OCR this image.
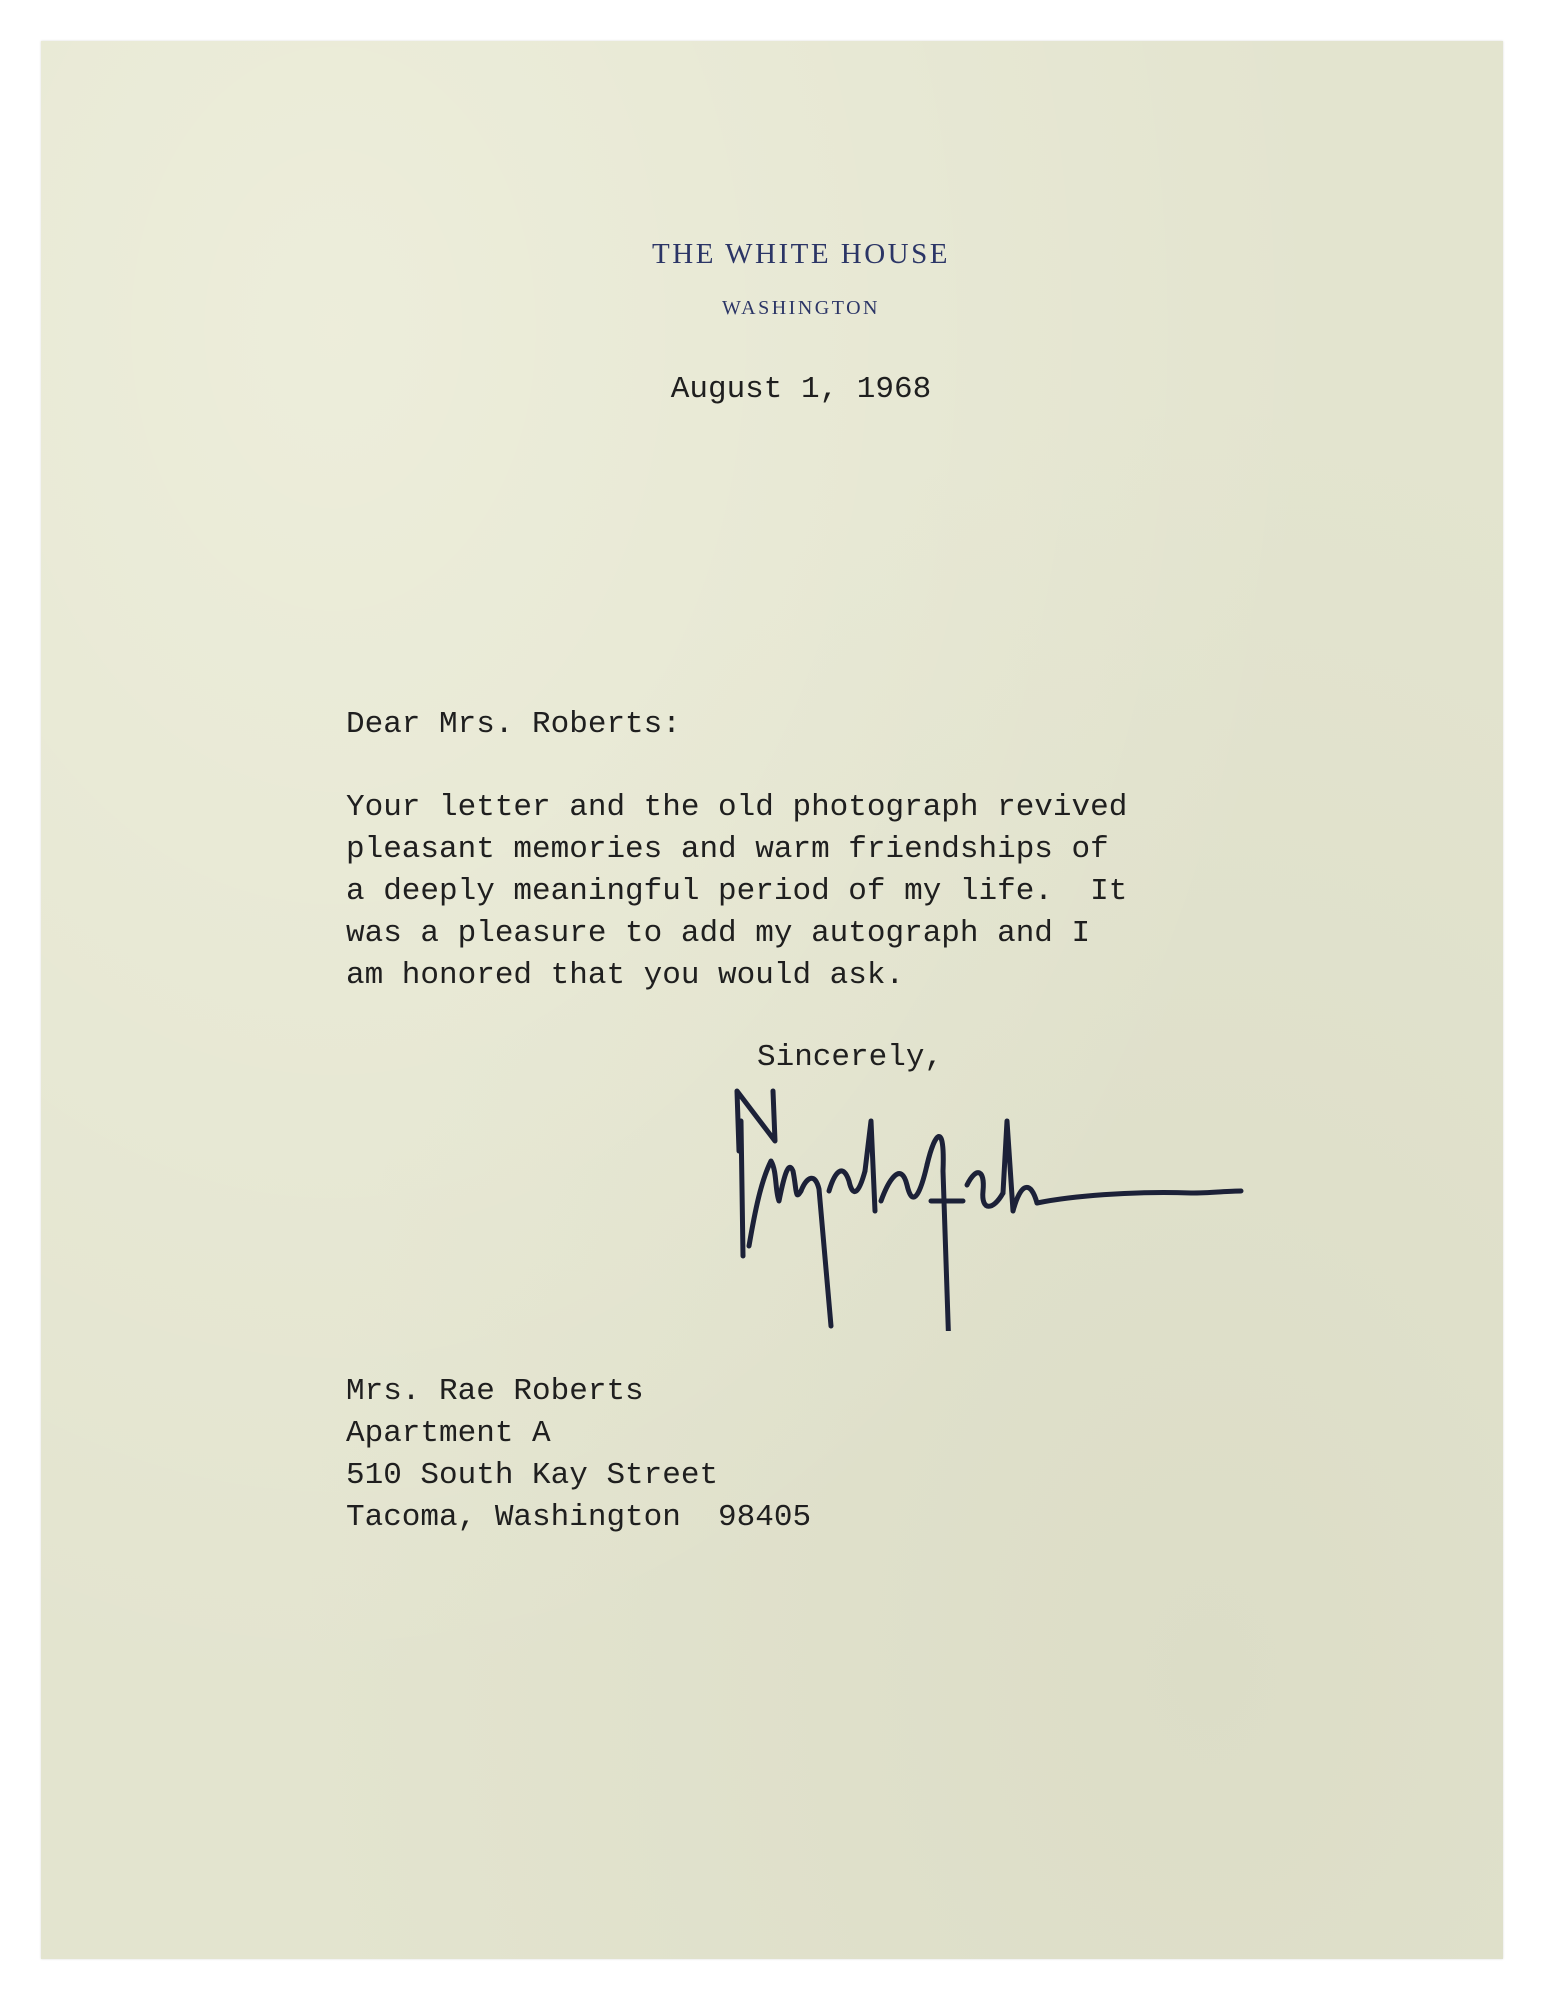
THE WHITE HOUSE
WASHINGTON
August 1, 1968
Dear Mrs. Roberts:
Your letter and the old photograph revived
pleasant memories and warm friendships of
a deeply meaningful period of my life.  It
was a pleasure to add my autograph and I
am honored that you would ask.
Sincerely,
Mrs. Rae Roberts
Apartment A
510 South Kay Street
Tacoma, Washington  98405
